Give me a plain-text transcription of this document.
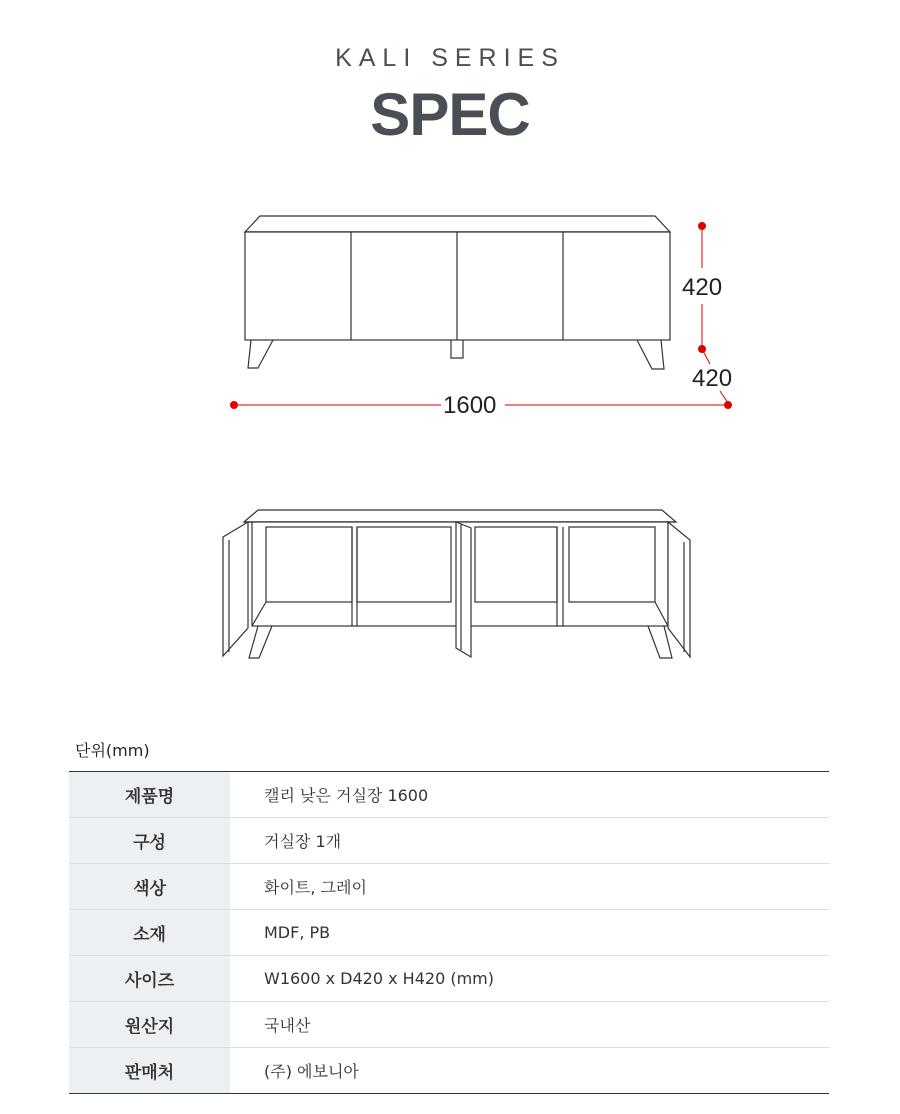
KALI SERIES
SPEC
420
420
1600
단위(mm)
제품명	캘리 낮은 거실장 1600
구성	거실장 1개
색상	화이트, 그레이
소재	MDF, PB
사이즈	W1600 x D420 x H420 (mm)
원산지	국내산
판매처	(주) 에보니아
